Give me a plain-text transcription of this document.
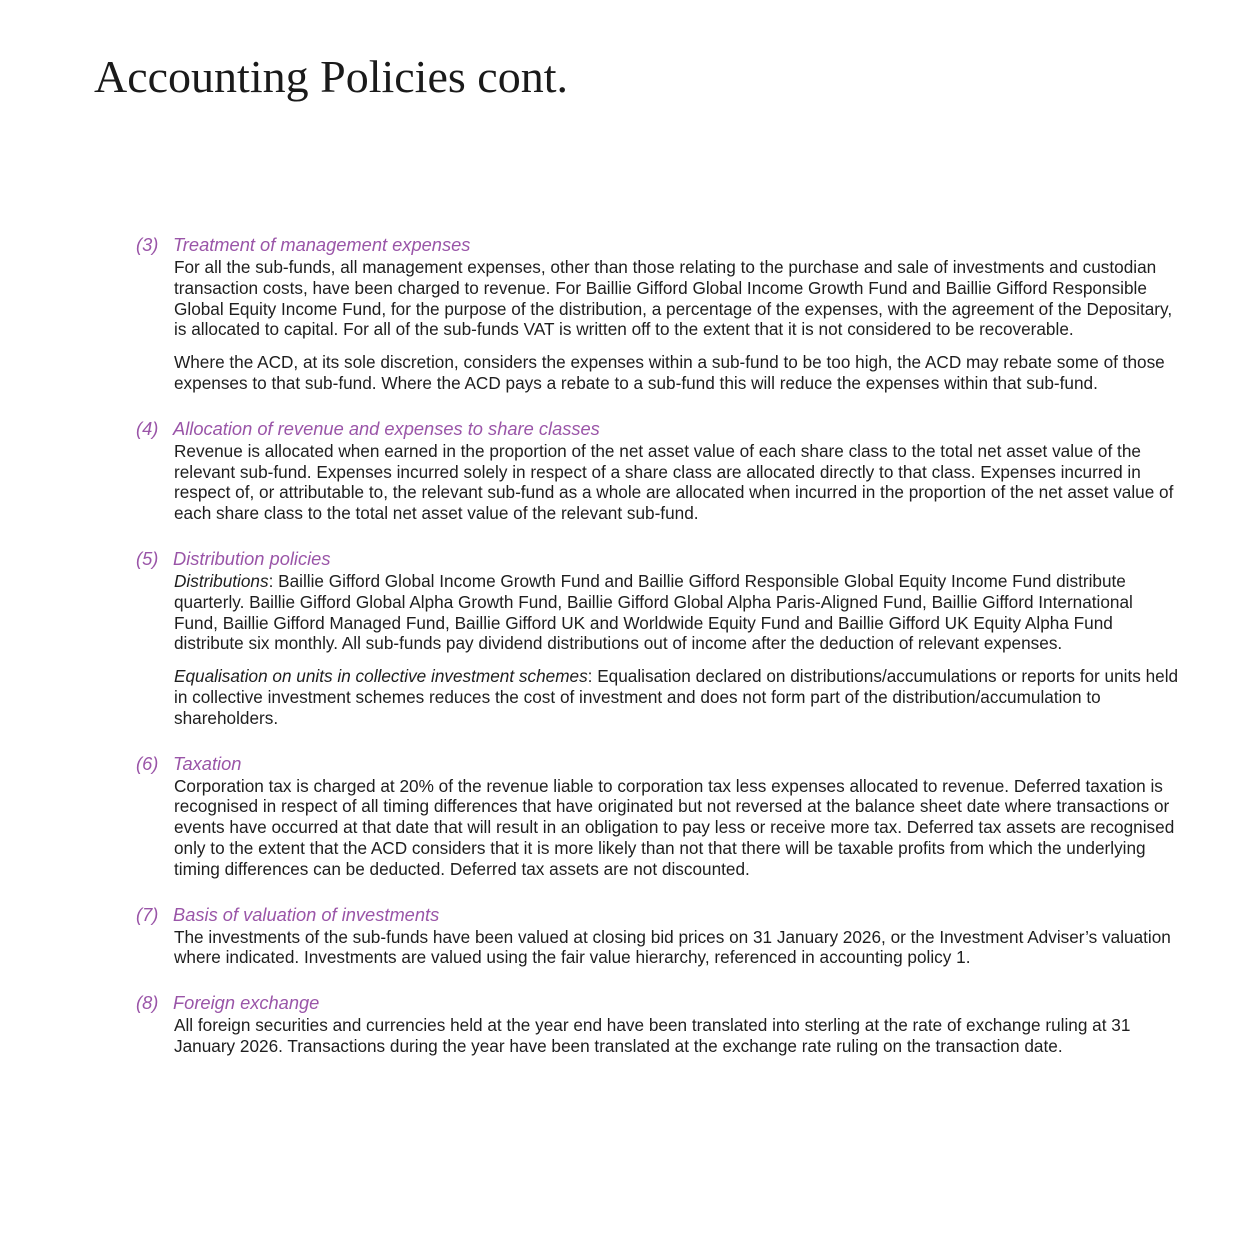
Accounting Policies cont.
(3) Treatment of management expenses

For all the sub-funds, all management expenses, other than those relating to the purchase and sale of investments and custodian transaction costs, have been charged to revenue. For Baillie Gifford Global Income Growth Fund and Baillie Gifford Responsible Global Equity Income Fund, for the purpose of the distribution, a percentage of the expenses, with the agreement of the Depositary, is allocated to capital. For all of the sub-funds VAT is written off to the extent that it is not considered to be recoverable.

Where the ACD, at its sole discretion, considers the expenses within a sub-fund to be too high, the ACD may rebate some of those expenses to that sub-fund. Where the ACD pays a rebate to a sub-fund this will reduce the expenses within that sub-fund.

(4) Allocation of revenue and expenses to share classes

Revenue is allocated when earned in the proportion of the net asset value of each share class to the total net asset value of the relevant sub-fund. Expenses incurred solely in respect of a share class are allocated directly to that class. Expenses incurred in respect of, or attributable to, the relevant sub-fund as a whole are allocated when incurred in the proportion of the net asset value of each share class to the total net asset value of the relevant sub-fund.

(5) Distribution policies

Distributions: Baillie Gifford Global Income Growth Fund and Baillie Gifford Responsible Global Equity Income Fund distribute quarterly. Baillie Gifford Global Alpha Growth Fund, Baillie Gifford Global Alpha Paris-Aligned Fund, Baillie Gifford International Fund, Baillie Gifford Managed Fund, Baillie Gifford UK and Worldwide Equity Fund and Baillie Gifford UK Equity Alpha Fund distribute six monthly. All sub-funds pay dividend distributions out of income after the deduction of relevant expenses.

Equalisation on units in collective investment schemes: Equalisation declared on distributions/accumulations or reports for units held in collective investment schemes reduces the cost of investment and does not form part of the distribution/accumulation to shareholders.

(6) Taxation

Corporation tax is charged at 20% of the revenue liable to corporation tax less expenses allocated to revenue. Deferred taxation is recognised in respect of all timing differences that have originated but not reversed at the balance sheet date where transactions or events have occurred at that date that will result in an obligation to pay less or receive more tax. Deferred tax assets are recognised only to the extent that the ACD considers that it is more likely than not that there will be taxable profits from which the underlying timing differences can be deducted. Deferred tax assets are not discounted.

(7) Basis of valuation of investments

The investments of the sub-funds have been valued at closing bid prices on 31 January 2026, or the Investment Adviser’s valuation where indicated. Investments are valued using the fair value hierarchy, referenced in accounting policy 1.

(8) Foreign exchange

All foreign securities and currencies held at the year end have been translated into sterling at the rate of exchange ruling at 31 January 2026. Transactions during the year have been translated at the exchange rate ruling on the transaction date.
